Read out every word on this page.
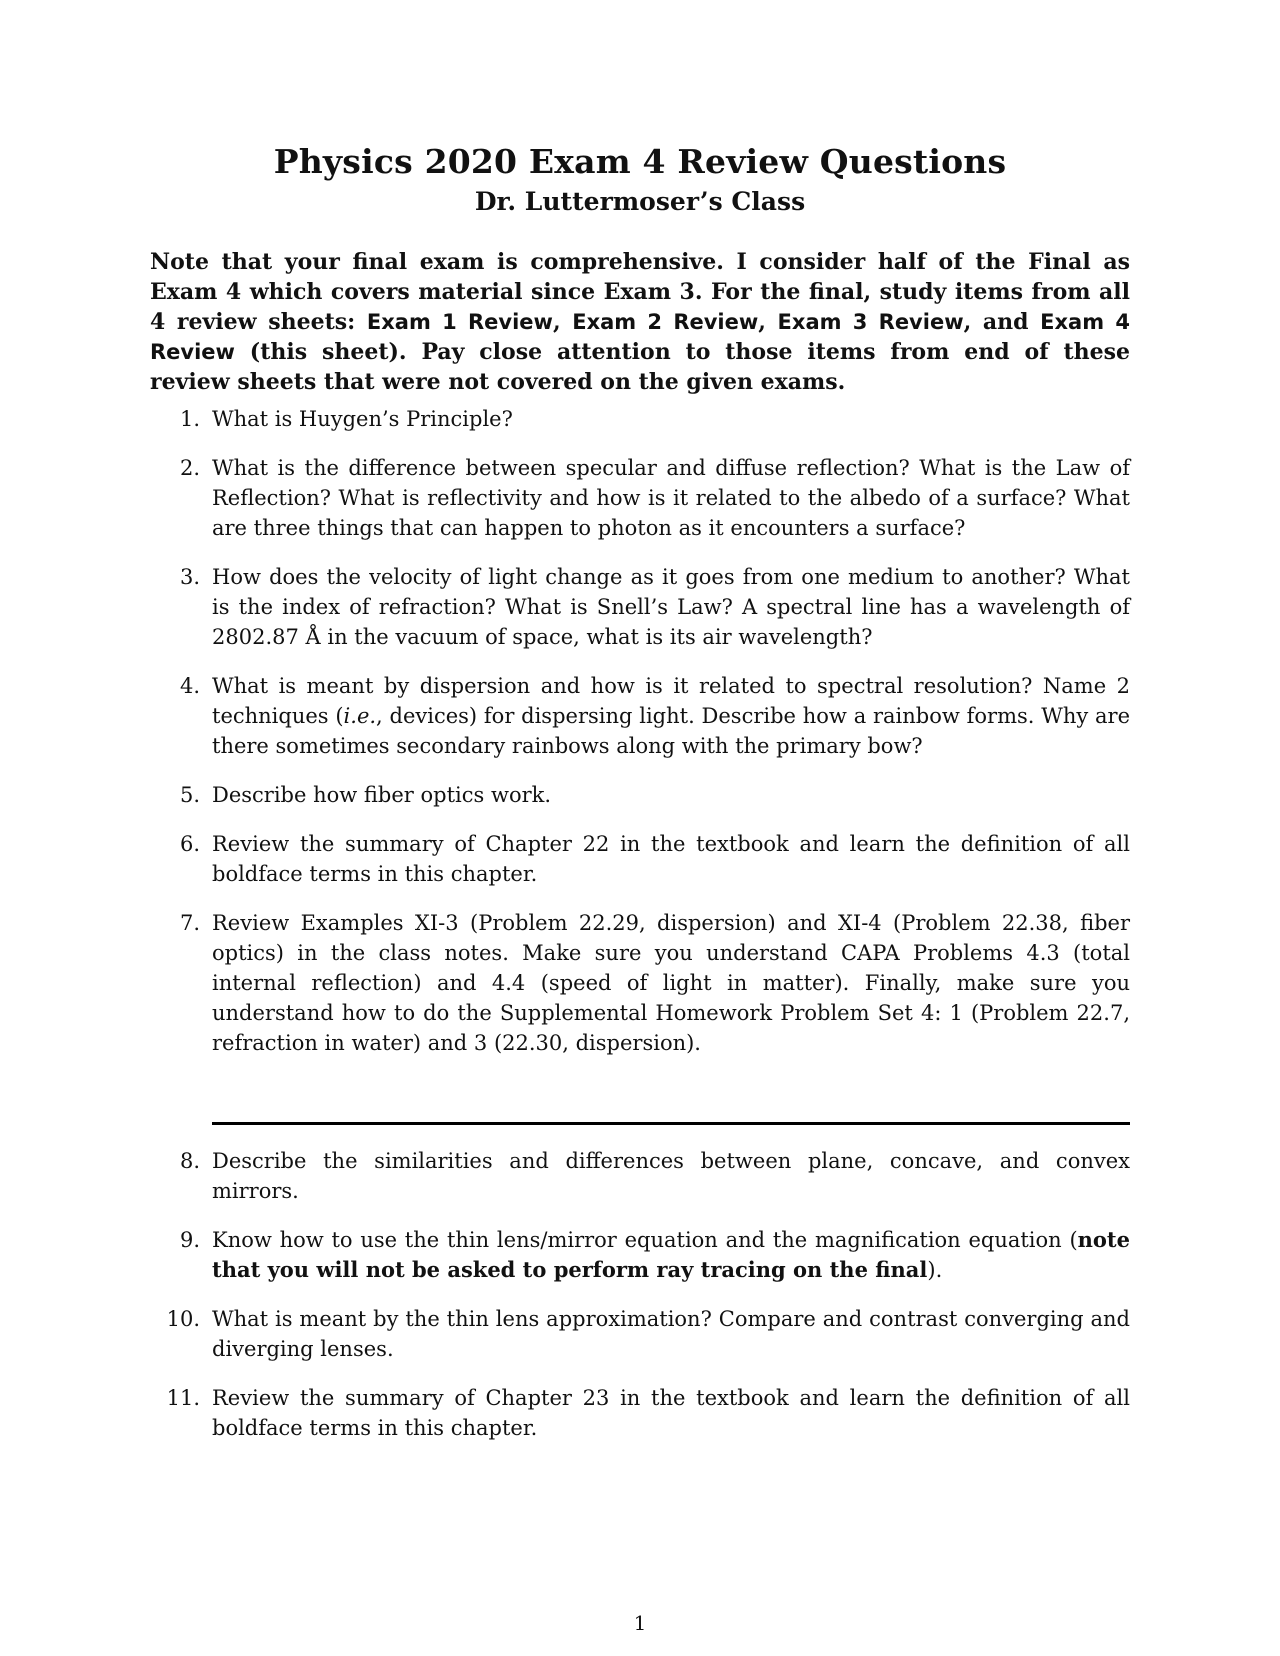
Physics 2020 Exam 4 Review Questions
Dr. Luttermoser’s Class
Note that your final exam is comprehensive. I consider half of the Final as Exam 4 which covers material since Exam 3. For the final, study items from all 4 review sheets: Exam 1 Review, Exam 2 Review, Exam 3 Review, and Exam 4 Review (this sheet). Pay close attention to those items from end of these review sheets that were not covered on the given exams.
1. What is Huygen’s Principle?
2. What is the difference between specular and diffuse reflection? What is the Law of Reflection? What is reflectivity and how is it related to the albedo of a surface? What are three things that can happen to photon as it encounters a surface?
3. How does the velocity of light change as it goes from one medium to another? What is the index of refraction? What is Snell’s Law? A spectral line has a wavelength of 2802.87 Å in the vacuum of space, what is its air wavelength?
4. What is meant by dispersion and how is it related to spectral resolution? Name 2 techniques (i.e., devices) for dispersing light. Describe how a rainbow forms. Why are there sometimes secondary rainbows along with the primary bow?
5. Describe how fiber optics work.
6. Review the summary of Chapter 22 in the textbook and learn the definition of all boldface terms in this chapter.
7. Review Examples XI-3 (Problem 22.29, dispersion) and XI-4 (Problem 22.38, fiber optics) in the class notes. Make sure you understand CAPA Problems 4.3 (total internal reflection) and 4.4 (speed of light in matter). Finally, make sure you understand how to do the Supplemental Homework Problem Set 4: 1 (Problem 22.7, refraction in water) and 3 (22.30, dispersion).
8. Describe the similarities and differences between plane, concave, and convex mirrors.
9. Know how to use the thin lens/mirror equation and the magnification equation (note that you will not be asked to perform ray tracing on the final).
10. What is meant by the thin lens approximation? Compare and contrast converging and diverging lenses.
11. Review the summary of Chapter 23 in the textbook and learn the definition of all boldface terms in this chapter.
1
